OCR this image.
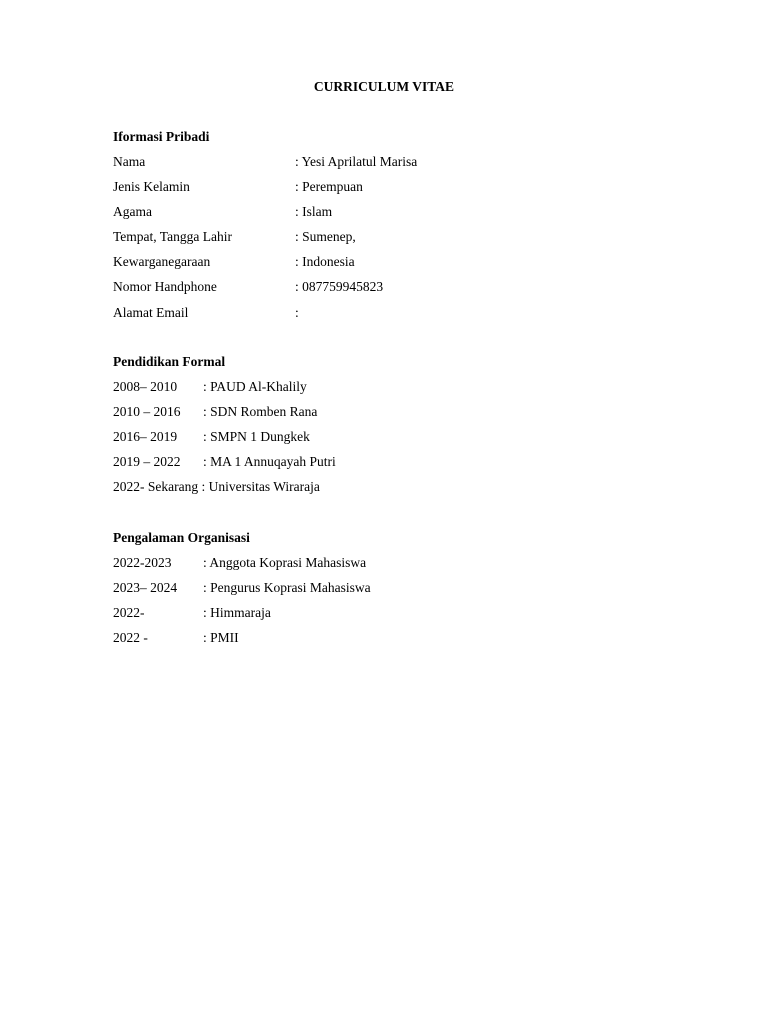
CURRICULUM VITAE
Iformasi Pribadi
Nama	: Yesi Aprilatul Marisa
Jenis Kelamin	: Perempuan
Agama	: Islam
Tempat, Tangga Lahir	: Sumenep,
Kewarganegaraan	: Indonesia
Nomor Handphone	: 087759945823
Alamat Email	:
Pendidikan Formal
2008– 2010	: PAUD Al-Khalily
2010 – 2016	: SDN Romben Rana
2016– 2019	: SMPN 1 Dungkek
2019 – 2022	: MA 1 Annuqayah Putri
2022- Sekarang : Universitas Wiraraja
Pengalaman Organisasi
2022-2023	: Anggota Koprasi Mahasiswa
2023– 2024	: Pengurus Koprasi Mahasiswa
2022-	: Himmaraja
2022 -	: PMII
